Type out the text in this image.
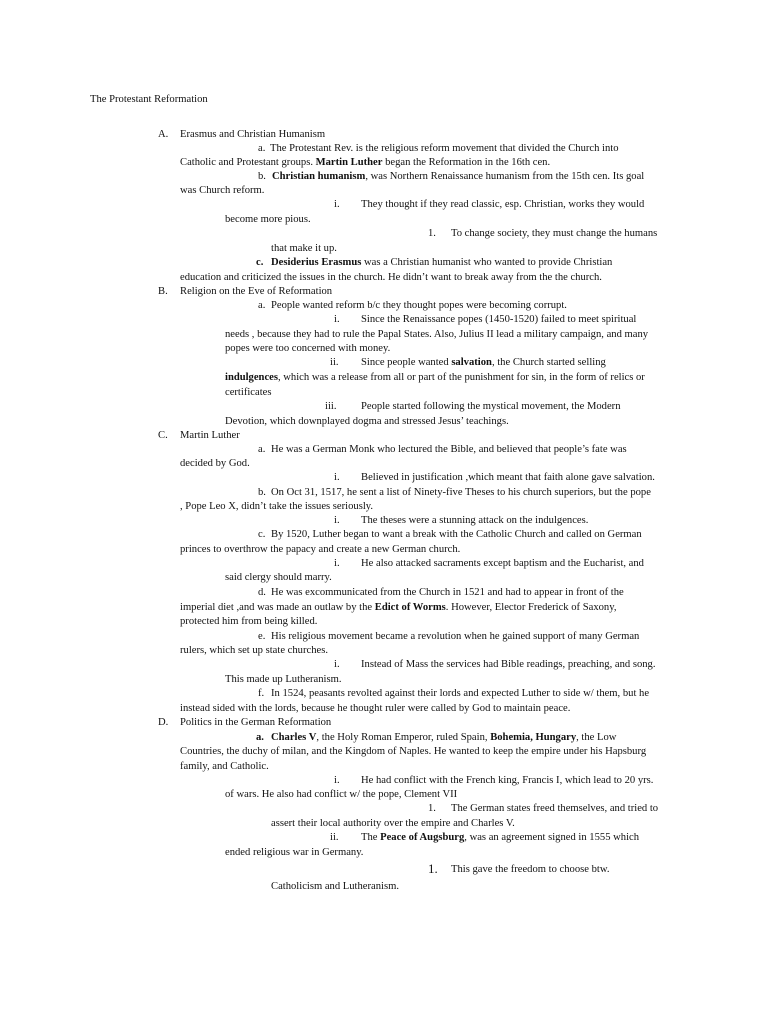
The Protestant Reformation
A. Erasmus and Christian Humanism
a. The Protestant Rev. is the religious reform movement that divided the Church into
Catholic and Protestant groups. Martin Luther began the Reformation in the 16th cen.
b. Christian humanism, was Northern Renaissance humanism from the 15th cen. Its goal
was Church reform.
i. They thought if they read classic, esp. Christian, works they would
become more pious.
1. To change society, they must change the humans
that make it up.
c. Desiderius Erasmus was a Christian humanist who wanted to provide Christian
education and criticized the issues in the church. He didn’t want to break away from the the church.
B. Religion on the Eve of Reformation
a. People wanted reform b/c they thought popes were becoming corrupt.
i. Since the Renaissance popes (1450-1520) failed to meet spiritual
needs , because they had to rule the Papal States. Also, Julius II lead a military campaign, and many
popes were too concerned with money.
ii. Since people wanted salvation, the Church started selling
indulgences, which was a release from all or part of the punishment for sin, in the form of relics or
certificates
iii. People started following the mystical movement, the Modern
Devotion, which downplayed dogma and stressed Jesus’ teachings.
C. Martin Luther
a. He was a German Monk who lectured the Bible, and believed that people’s fate was
decided by God.
i. Believed in justification ,which meant that faith alone gave salvation.
b. On Oct 31, 1517, he sent a list of Ninety-five Theses to his church superiors, but the pope
, Pope Leo X, didn’t take the issues seriously.
i. The theses were a stunning attack on the indulgences.
c. By 1520, Luther began to want a break with the Catholic Church and called on German
princes to overthrow the papacy and create a new German church.
i. He also attacked sacraments except baptism and the Eucharist, and
said clergy should marry.
d. He was excommunicated from the Church in 1521 and had to appear in front of the
imperial diet ,and was made an outlaw by the Edict of Worms. However, Elector Frederick of Saxony,
protected him from being killed.
e. His religious movement became a revolution when he gained support of many German
rulers, which set up state churches.
i. Instead of Mass the services had Bible readings, preaching, and song.
This made up Lutheranism.
f. In 1524, peasants revolted against their lords and expected Luther to side w/ them, but he
instead sided with the lords, because he thought ruler were called by God to maintain peace.
D. Politics in the German Reformation
a. Charles V, the Holy Roman Emperor, ruled Spain, Bohemia, Hungary, the Low
Countries, the duchy of milan, and the Kingdom of Naples. He wanted to keep the empire under his Hapsburg
family, and Catholic.
i. He had conflict with the French king, Francis I, which lead to 20 yrs.
of wars. He also had conflict w/ the pope, Clement VII
1. The German states freed themselves, and tried to
assert their local authority over the empire and Charles V.
ii. The Peace of Augsburg, was an agreement signed in 1555 which
ended religious war in Germany.
1. This gave the freedom to choose btw.
Catholicism and Lutheranism.
